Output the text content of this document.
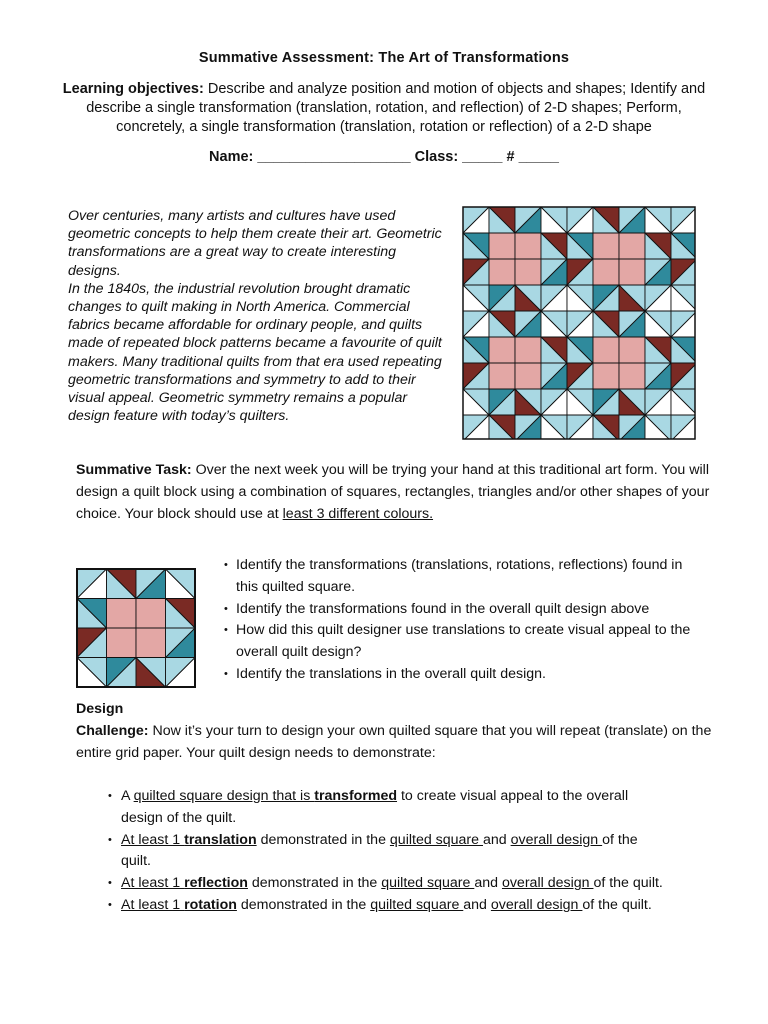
Summative Assessment: The Art of Transformations
Learning objectives: Describe and analyze position and motion of objects and shapes; Identify and describe a single transformation (translation, rotation, and reflection) of 2-D shapes; Perform, concretely, a single transformation (translation, rotation or reflection) of a 2-D shape
Name: ___________________ Class: _____ # _____

Over centuries, many artists and cultures have used geometric concepts to help them create their art. Geometric transformations are a great way to create interesting designs.

In the 1840s, the industrial revolution brought dramatic changes to quilt making in North America. Commercial fabrics became affordable for ordinary people, and quilts made of repeated block patterns became a favourite of quilt makers. Many traditional quilts from that era used repeating geometric transformations and symmetry to add to their visual appeal. Geometric symmetry remains a popular design feature with today’s quilters.

Summative Task: Over the next week you will be trying your hand at this traditional art form. You will design a quilt block using a combination of squares, rectangles, triangles and/or other shapes of your choice. Your block should use at least 3 different colours.
• Identify the transformations (translations, rotations, reflections) found in this quilted square.
• Identify the transformations found in the overall quilt design above
• How did this quilt designer use translations to create visual appeal to the overall quilt design?
• Identify the translations in the overall quilt design.
Design
Challenge: Now it’s your turn to design your own quilted square that you will repeat (translate) on the entire grid paper. Your quilt design needs to demonstrate:
• A quilted square design that is transformed to create visual appeal to the overall design of the quilt.
• At least 1 translation demonstrated in the quilted square and overall design of the quilt.
• At least 1 reflection demonstrated in the quilted square and overall design of the quilt.
• At least 1 rotation demonstrated in the quilted square and overall design of the quilt.
